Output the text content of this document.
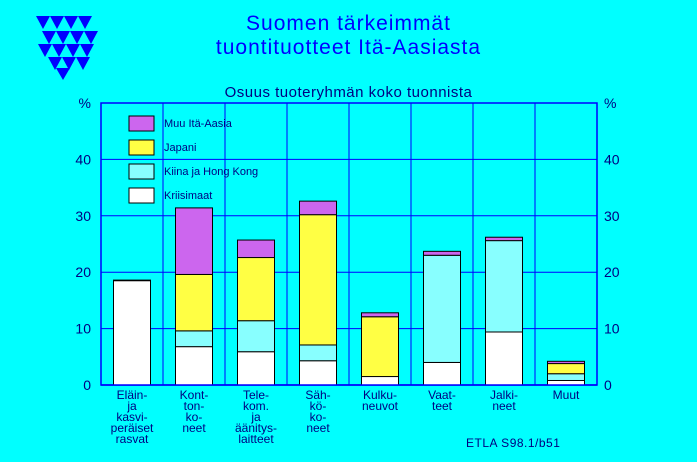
0	0
10	10
20	20
30	30
40	40
%	%
Eläin-ja kasvi-peräiset rasvat
Kont-ton-ko-neet
Tele-kom. ja äänitys-laitteet
Säh-kö-ko-neet
Kulku-neuvot
Vaat-teet
Jalki-neet
Muut
Muu Itä-Aasia
Japani
Kiina ja Hong Kong
Kriisimaat
Suomen tärkeimmät
tuontituotteet Itä-Aasiasta
Osuus tuoteryhmän koko tuonnista
ETLA S98.1/b51
